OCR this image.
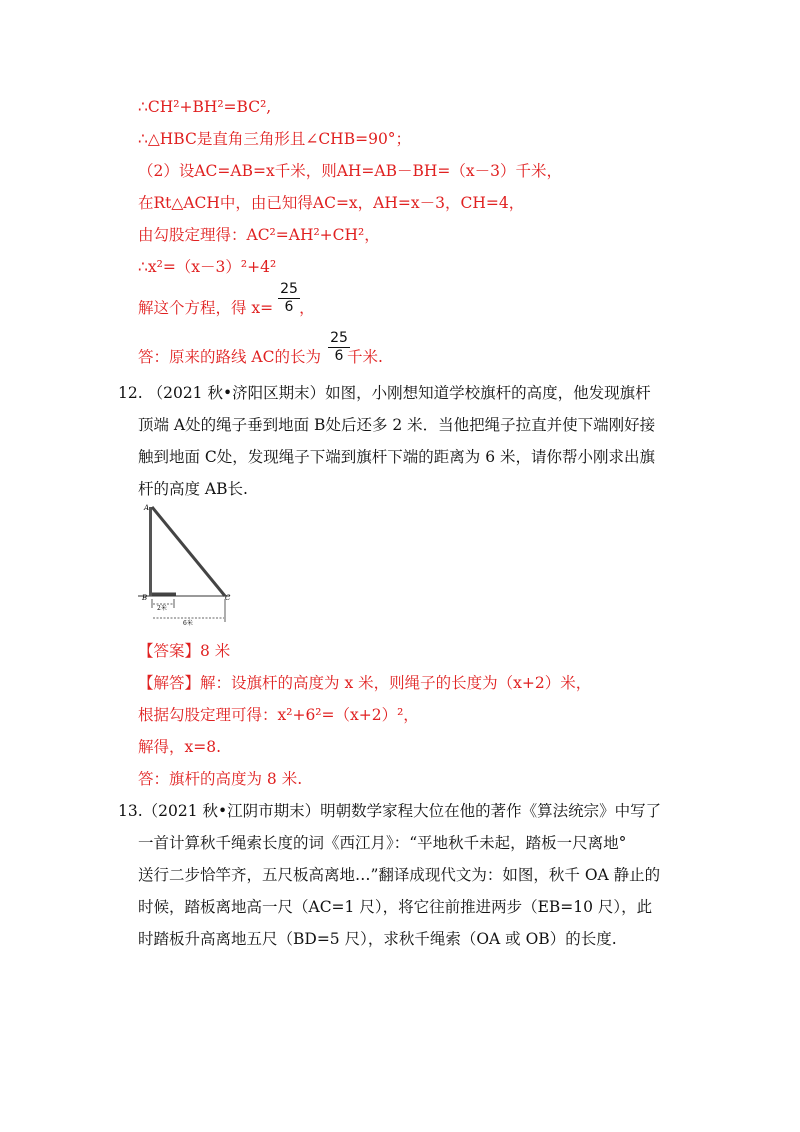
∴CH²+BH²=BC²,
∴△HBC是直角三角形且∠CHB=90°；
（2）设AC=AB=x千米，则AH=AB－BH=（x－3）千米，
在Rt△ACH中，由已知得AC=x，AH=x－3，CH=4，
由勾股定理得：AC²=AH²+CH²，
∴x²=（x－3）²+4²
解这个方程，得 x= ，
25
6
答：原来的路线 AC的长为 千米.
25
6
12. （2021 秋•济阳区期末）如图，小刚想知道学校旗杆的高度，他发现旗杆
顶端 A处的绳子垂到地面 B处后还多 2 米．当他把绳子拉直并使下端刚好接
触到地面 C处，发现绳子下端到旗杆下端的距离为 6 米，请你帮小刚求出旗
杆的高度 AB长.
A
B	C
2米
6米
【答案】8 米
【解答】解：设旗杆的高度为 x 米，则绳子的长度为（x+2）米，
根据勾股定理可得：x²+6²=（x+2）²，
解得，x=8.
答：旗杆的高度为 8 米.
13.（2021 秋•江阴市期末）明朝数学家程大位在他的著作《算法统宗》中写了
一首计算秋千绳索长度的词《西江月》：“平地秋千未起，踏板一尺离地°
送行二步恰竿齐，五尺板高离地…”翻译成现代文为：如图，秋千 OA 静止的
时候，踏板离地高一尺（AC=1 尺），将它往前推进两步（EB=10 尺），此
时踏板升高离地五尺（BD=5 尺），求秋千绳索（OA 或 OB）的长度.
